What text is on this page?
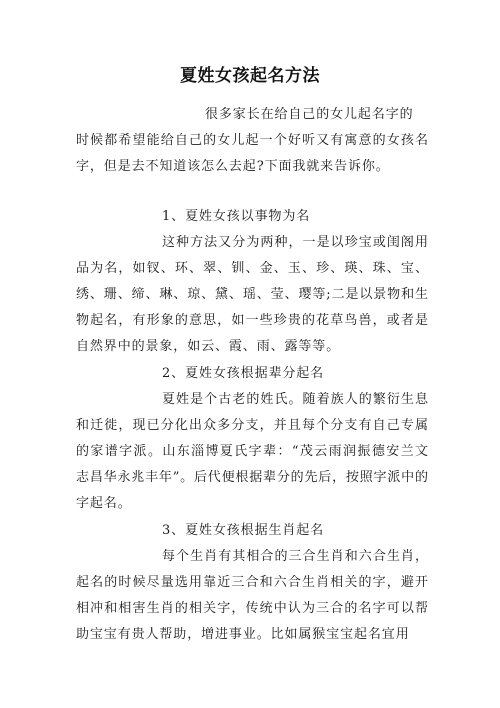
夏姓女孩起名方法
很多家长在给自己的女儿起名字的
时候都希望能给自己的女儿起一个好听又有寓意的女孩名
字，但是去不知道该怎么去起?下面我就来告诉你。
1、夏姓女孩以事物为名
这种方法又分为两种，一是以珍宝或闺阁用
品为名，如钗、环、翠、钏、金、玉、珍、瑛、珠、宝、
绣、珊、缔、琳、琼、黛、瑶、莹、璎等;二是以景物和生
物起名，有形象的意思，如一些珍贵的花草鸟兽，或者是
自然界中的景象，如云、霞、雨、露等等。
2、夏姓女孩根据辈分起名
夏姓是个古老的姓氏。随着族人的繁衍生息
和迁徙，现已分化出众多分支，并且每个分支有自己专属
的家谱字派。山东淄博夏氏字辈：“茂云雨润振德安兰文
志昌华永兆丰年”。后代便根据辈分的先后，按照字派中的
字起名。
3、夏姓女孩根据生肖起名
每个生肖有其相合的三合生肖和六合生肖，
起名的时候尽量选用靠近三合和六合生肖相关的字，避开
相冲和相害生肖的相关字，传统中认为三合的名字可以帮
助宝宝有贵人帮助，增进事业。比如属猴宝宝起名宜用
